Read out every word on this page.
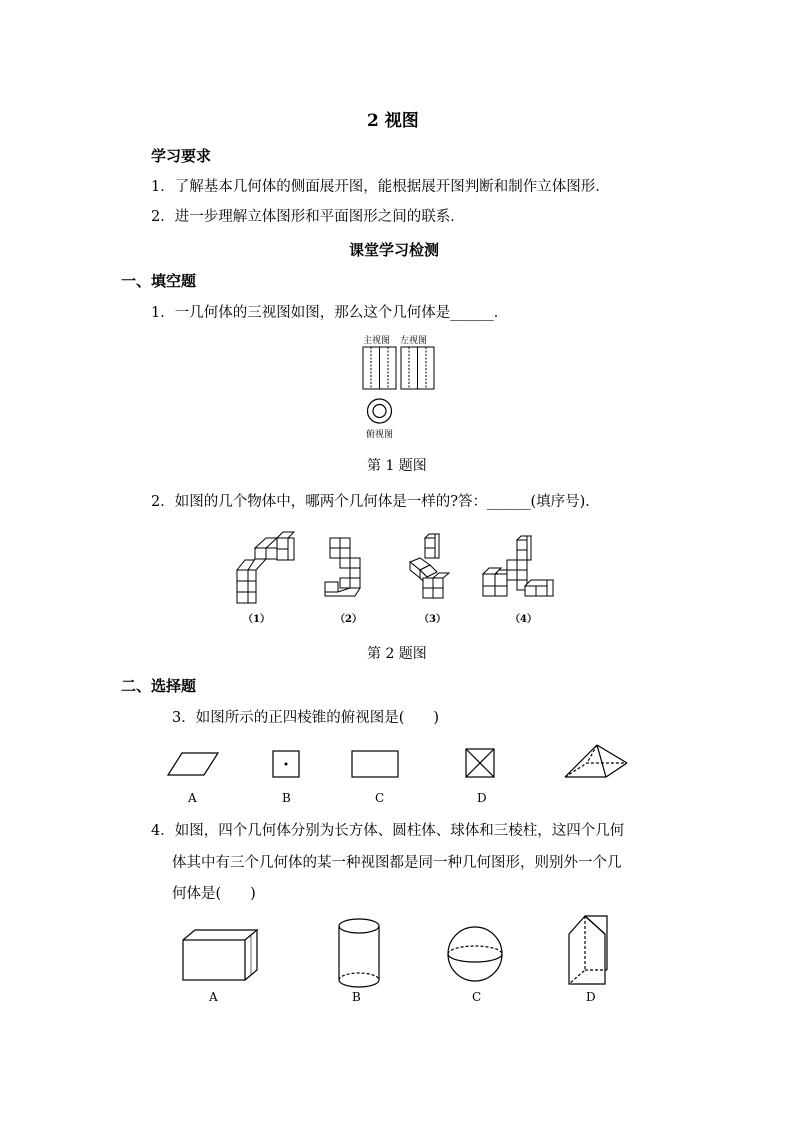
2 视图
学习要求
1．了解基本几何体的侧面展开图，能根据展开图判断和制作立体图形．
2．进一步理解立体图形和平面图形之间的联系．
课堂学习检测
一、填空题
1．一几何体的三视图如图，那么这个几何体是______．
主视图 左视图
俯视图
第 1 题图
2．如图的几个物体中，哪两个几何体是一样的?答：______(填序号)．
（1）	（2）	（3）	（4）
第 2 题图
二、选择题
3．如图所示的正四棱锥的俯视图是(　　)
A	B	C	D
4．如图，四个几何体分别为长方体、圆柱体、球体和三棱柱，这四个几何
体其中有三个几何体的某一种视图都是同一种几何图形，则别外一个几
何体是(　　)
A	B	C	D
